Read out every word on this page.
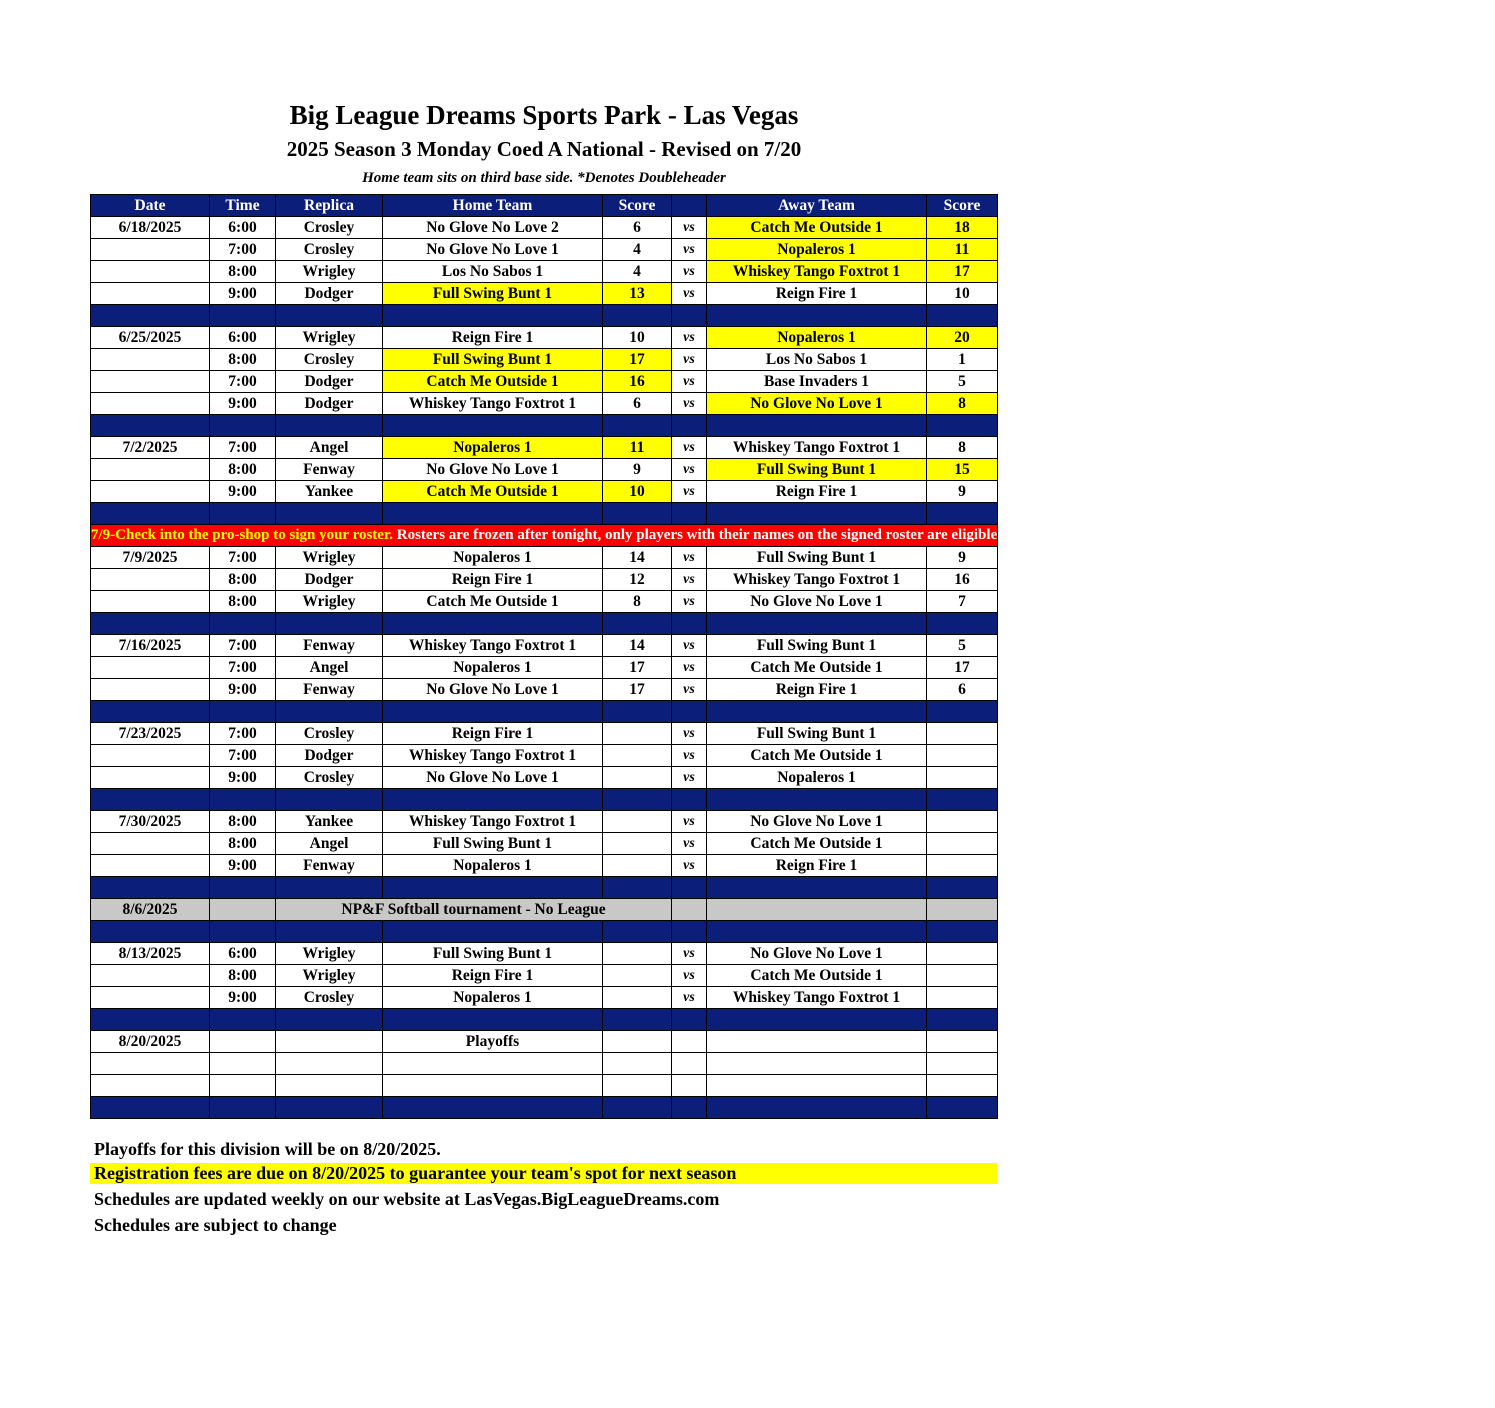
Big League Dreams Sports Park - Las Vegas
2025 Season 3 Monday Coed A National - Revised on 7/20
Home team sits on third base side. *Denotes Doubleheader
Date	Time	Replica	Home Team	Score		Away Team	Score
6/18/2025	6:00	Crosley	No Glove No Love 2	6	vs	Catch Me Outside 1	18
	7:00	Crosley	No Glove No Love 1	4	vs	Nopaleros 1	11
	8:00	Wrigley	Los No Sabos 1	4	vs	Whiskey Tango Foxtrot 1	17
	9:00	Dodger	Full Swing Bunt 1	13	vs	Reign Fire 1	10

6/25/2025	6:00	Wrigley	Reign Fire 1	10	vs	Nopaleros 1	20
	8:00	Crosley	Full Swing Bunt 1	17	vs	Los No Sabos 1	1
	7:00	Dodger	Catch Me Outside 1	16	vs	Base Invaders 1	5
	9:00	Dodger	Whiskey Tango Foxtrot 1	6	vs	No Glove No Love 1	8

7/2/2025	7:00	Angel	Nopaleros 1	11	vs	Whiskey Tango Foxtrot 1	8
	8:00	Fenway	No Glove No Love 1	9	vs	Full Swing Bunt 1	15
	9:00	Yankee	Catch Me Outside 1	10	vs	Reign Fire 1	9

7/9-Check into the pro-shop to sign your roster. Rosters are frozen after tonight, only players with their names on the signed roster are eligible for playoffs. Please check carefully as changes will not be made for omissions.							
7/9/2025	7:00	Wrigley	Nopaleros 1	14	vs	Full Swing Bunt 1	9
	8:00	Dodger	Reign Fire 1	12	vs	Whiskey Tango Foxtrot 1	16
	8:00	Wrigley	Catch Me Outside 1	8	vs	No Glove No Love 1	7

7/16/2025	7:00	Fenway	Whiskey Tango Foxtrot 1	14	vs	Full Swing Bunt 1	5
	7:00	Angel	Nopaleros 1	17	vs	Catch Me Outside 1	17
	9:00	Fenway	No Glove No Love 1	17	vs	Reign Fire 1	6

7/23/2025	7:00	Crosley	Reign Fire 1		vs	Full Swing Bunt 1	
	7:00	Dodger	Whiskey Tango Foxtrot 1		vs	Catch Me Outside 1	
	9:00	Crosley	No Glove No Love 1		vs	Nopaleros 1	

7/30/2025	8:00	Yankee	Whiskey Tango Foxtrot 1		vs	No Glove No Love 1	
	8:00	Angel	Full Swing Bunt 1		vs	Catch Me Outside 1	
	9:00	Fenway	Nopaleros 1		vs	Reign Fire 1	

8/6/2025		NP&F Softball tournament - No League					

8/13/2025	6:00	Wrigley	Full Swing Bunt 1		vs	No Glove No Love 1	
	8:00	Wrigley	Reign Fire 1		vs	Catch Me Outside 1	
	9:00	Crosley	Nopaleros 1		vs	Whiskey Tango Foxtrot 1	

8/20/2025			Playoffs				

Playoffs for this division will be on 8/20/2025.
Registration fees are due on 8/20/2025 to guarantee your team's spot for next season
Schedules are updated weekly on our website at LasVegas.BigLeagueDreams.com
Schedules are subject to change
